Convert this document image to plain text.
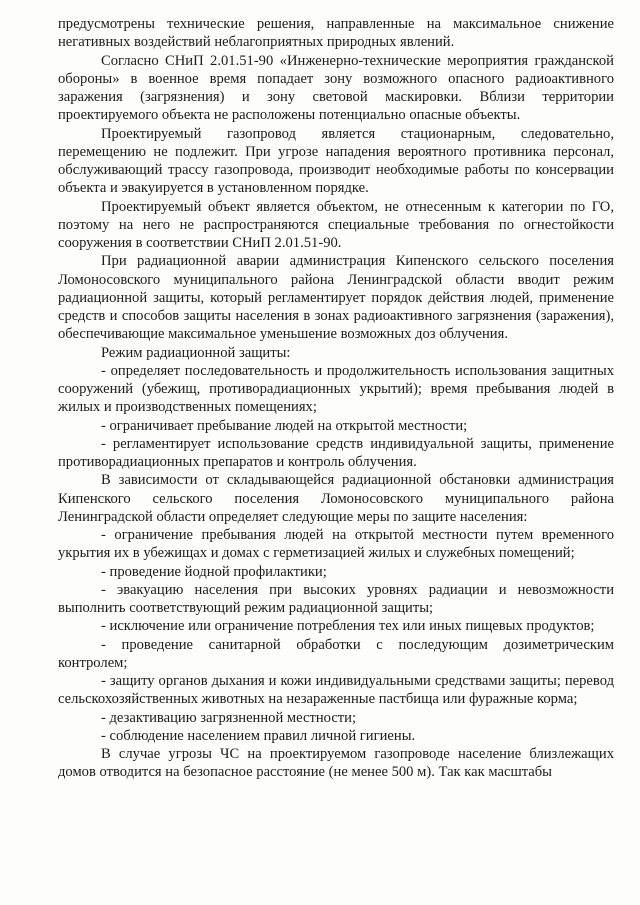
предусмотрены технические решения, направленные на максимальное снижение негативных воздействий неблагоприятных природных явлений.

Согласно СНиП 2.01.51-90 «Инженерно-технические мероприятия гражданской обороны» в военное время попадает зону возможного опасного радиоактивного заражения (загрязнения) и зону световой маскировки. Вблизи территории проектируемого объекта не расположены потенциально опасные объекты.

Проектируемый газопровод является стационарным, следовательно, перемещению не подлежит. При угрозе нападения вероятного противника персонал, обслуживающий трассу газопровода, производит необходимые работы по консервации объекта и эвакуируется в установленном порядке.

Проектируемый объект является объектом, не отнесенным к категории по ГО, поэтому на него не распространяются специальные требования по огнестойкости сооружения в соответствии СНиП 2.01.51-90.

При радиационной аварии администрация Кипенского сельского поселения Ломоносовского муниципального района Ленинградской области вводит режим радиационной защиты, который регламентирует порядок действия людей, применение средств и способов защиты населения в зонах радиоактивного загрязнения (заражения), обеспечивающие максимальное уменьшение возможных доз облучения.

Режим радиационной защиты:

- определяет последовательность и продолжительность использования защитных сооружений (убежищ, противорадиационных укрытий); время пребывания людей в жилых и производственных помещениях;

- ограничивает пребывание людей на открытой местности;

- регламентирует использование средств индивидуальной защиты, применение противорадиационных препаратов и контроль облучения.

В зависимости от складывающейся радиационной обстановки администрация Кипенского сельского поселения Ломоносовского муниципального района Ленинградской области определяет следующие меры по защите населения:

- ограничение пребывания людей на открытой местности путем временного укрытия их в убежищах и домах с герметизацией жилых и служебных помещений;

- проведение йодной профилактики;

- эвакуацию населения при высоких уровнях радиации и невозможности выполнить соответствующий режим радиационной защиты;

- исключение или ограничение потребления тех или иных пищевых продуктов;

- проведение санитарной обработки с последующим дозиметрическим контролем;

- защиту органов дыхания и кожи индивидуальными средствами защиты; перевод сельскохозяйственных животных на незараженные пастбища или фуражные корма;

- дезактивацию загрязненной местности;

- соблюдение населением правил личной гигиены.

В случае угрозы ЧС на проектируемом газопроводе население близлежащих домов отводится на безопасное расстояние (не менее 500 м). Так как масштабы
